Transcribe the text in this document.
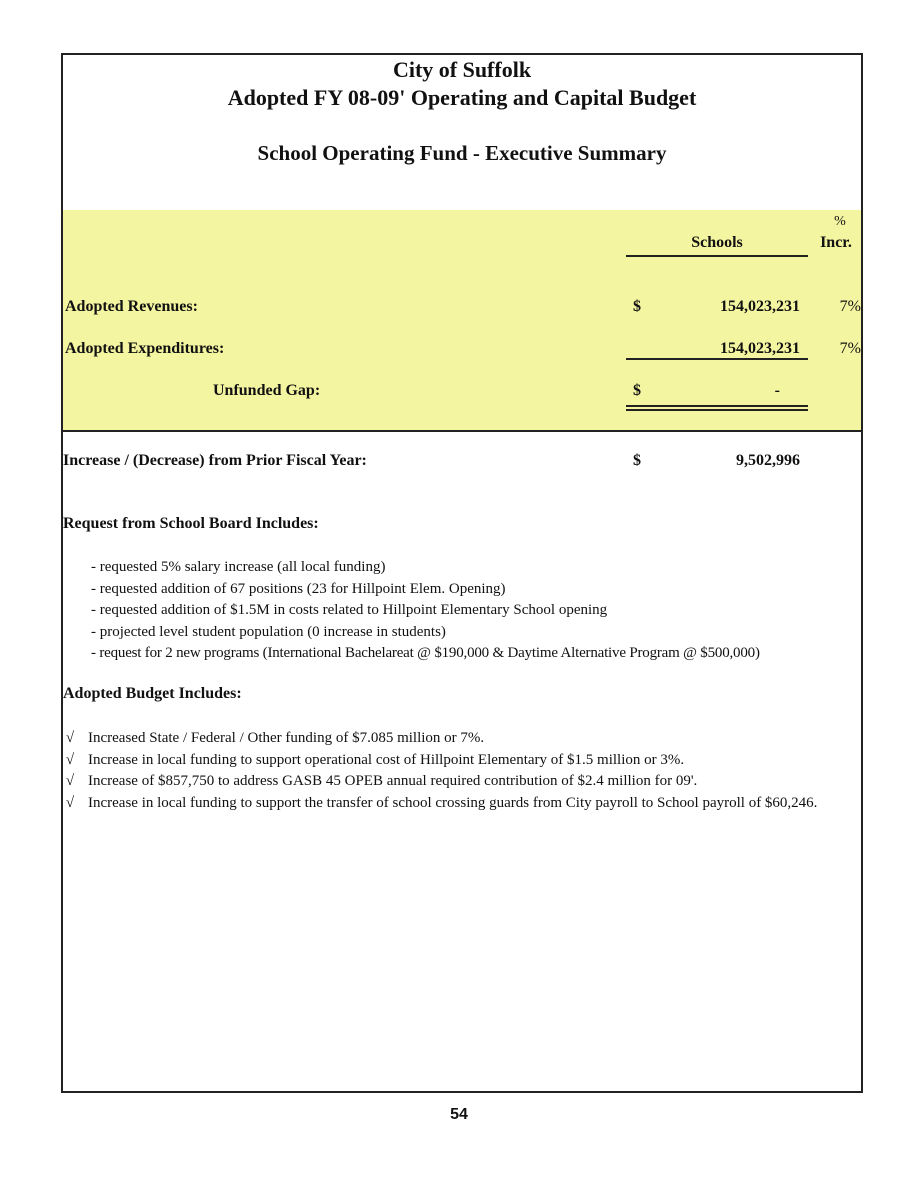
City of Suffolk
Adopted FY 08-09' Operating and Capital Budget
School Operating Fund - Executive Summary
%
Schools	Incr.
Adopted Revenues:	$	154,023,231	7%
Adopted Expenditures:	154,023,231	7%
Unfunded Gap:	$	-
Increase / (Decrease) from Prior Fiscal Year:	$	9,502,996
Request from School Board Includes:
- requested 5% salary increase (all local funding)
- requested addition of 67 positions (23 for Hillpoint Elem. Opening)
- requested addition of $1.5M in costs related to Hillpoint Elementary School opening
- projected level student population (0 increase in students)
- request for 2 new programs (International Bachelareat @ $190,000 & Daytime Alternative Program @ $500,000)
Adopted Budget Includes:
√ Increased State / Federal / Other funding of $7.085 million or 7%.
√ Increase in local funding to support operational cost of Hillpoint Elementary of $1.5 million or 3%.
√ Increase of $857,750 to address GASB 45 OPEB annual required contribution of $2.4 million for 09'.
√ Increase in local funding to support the transfer of school crossing guards from City payroll to School payroll of $60,246.
54
